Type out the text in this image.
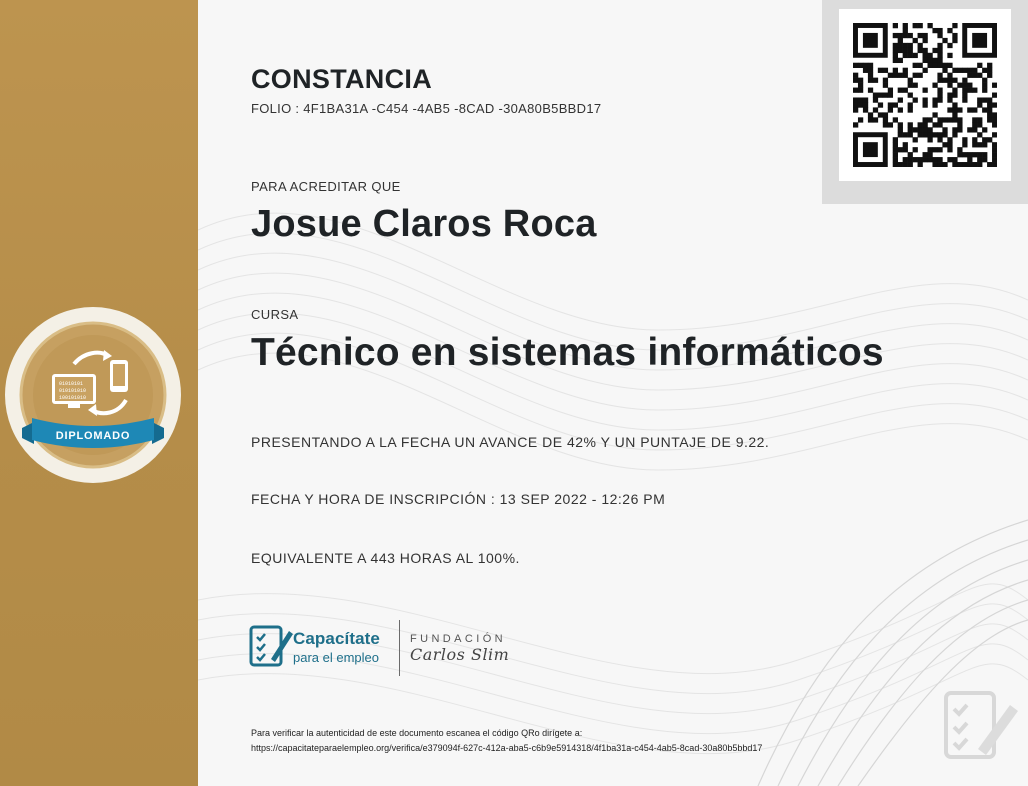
01010101
010101010
100101010
DIPLOMADO
CONSTANCIA

FOLIO : 4F1BA31A -C454 -4AB5 -8CAD -30A80B5BBD17

PARA ACREDITAR QUE

Josue Claros Roca

CURSA

Técnico en sistemas informáticos

PRESENTANDO A LA FECHA UN AVANCE DE 42% Y UN PUNTAJE DE 9.22.

FECHA Y HORA DE INSCRIPCIÓN : 13 SEP 2022 - 12:26 PM

EQUIVALENTE A 443 HORAS AL 100%.

Capacítate
para el empleo
FUNDACIÓN
Carlos Slim

Para verificar la autenticidad de este documento escanea el código QRo dirígete a:

https://capacitateparaelempleo.org/verifica/e379094f-627c-412a-aba5-c6b9e5914318/4f1ba31a-c454-4ab5-8cad-30a80b5bbd17
